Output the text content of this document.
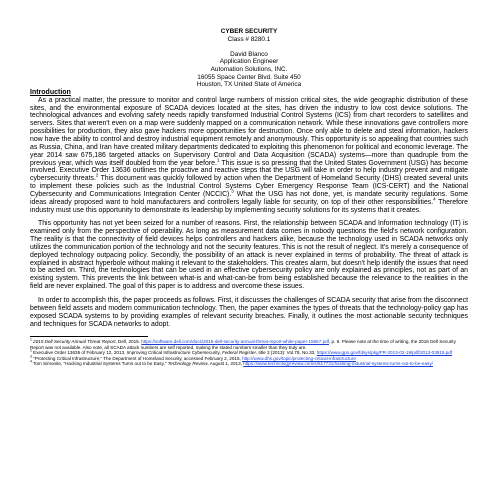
CYBER SECURITY
Class # 8280.1
David Blanco
Application Engineer
Automation Solutions, INC.
16055 Space Center Blvd. Suite 450
Houston, TX United State of America
Introduction

As a practical matter, the pressure to monitor and control large numbers of mission critical sites, the wide geographic distribution of these sites, and the environmental exposure of SCADA devices located at the sites, has driven the industry to low cost device solutions. The technological advances and evolving safety needs rapidly transformed Industrial Control Systems (ICS) from chart recorders to satellites and servers. Sites that weren't even on a map were suddenly mapped on a communication network. While these innovations gave controllers more possibilities for production, they also gave hackers more opportunities for destruction. Once only able to delete and steal information, hackers now have the ability to control and destroy industrial equipment remotely and anonymously. This opportunity is so appealing that countries such as Russia, China, and Iran have created military departments dedicated to exploiting this phenomenon for political and economic leverage. The year 2014 saw 675,186 targeted attacks on Supervisory Control and Data Acquisition (SCADA) systems—more than quadruple from the previous year, which was itself doubled from the year before.$^1$ This issue is so pressing that the United States Government (USG) has become involved. Executive Order 13636 outlines the proactive and reactive steps that the USG will take in order to help industry prevent and mitigate cybersecurity threats.$^2$ This document was quickly followed by action when the Department of Homeland Security (DHS) created several units to implement these policies such as the Industrial Control Systems Cyber Emergency Response Team (ICS-CERT) and the National Cybersecurity and Communications Integration Center (NCCIC).$^3$ What the USG has not done, yet, is mandate security regulations. Some ideas already proposed want to hold manufacturers and controllers legally liable for security, on top of their other responsibilities.$^4$ Therefore industry must use this opportunity to demonstrate its leadership by implementing security solutions for its systems that it creates.

This opportunity has not yet been seized for a number of reasons. First, the relationship between SCADA and Information technology (IT) is examined only from the perspective of operability. As long as measurement data comes in nobody questions the field's network configuration. The reality is that the connectivity of field devices helps controllers and hackers alike, because the technology used in SCADA networks only utilizes the communication portion of the technology and not the security features. This is not the result of neglect. It's merely a consequence of deployed technology outpacing policy. Secondly, the possibility of an attack is never explained in terms of probability. The threat of attack is explained in abstract hyperbole without making it relevant to the stakeholders. This creates alarm, but doesn't help identify the issues that need to be acted on. Third, the technologies that can be used in an effective cybersecurity policy are only explained as principles, not as part of an existing system. This prevents the link between what-is and what-can-be from being established because the relevance to the realities in the field are never explained. The goal of this paper is to address and overcome these issues.

In order to accomplish this, the paper proceeds as follows. First, it discusses the challenges of SCADA security that arise from the disconnect between field assets and modern communication technology. Then, the paper examines the types of threats that the technology-policy gap has exposed SCADA systems to by providing examples of relevant security breaches. Finally, it outlines the most actionable security techniques and techniques for SCADA networks to adopt.

$^1$ 2015 Dell Security Annual Threat Report, Dell, 2015. https://software.dell.com/docs/2015-dell-security-annual-threat-report-white-paper-15657.pdf, p. 8. Please note at the time of writing, the 2016 Dell Security Report was not available. Also note, all SCADA attack numbers are self reported, making the stated numbers smaller than they truly are.
$^2$ Executive Order 13636 of February 12, 2013, Improving Critical Infrastructure Cybersecurity, Federal Register, title 3 (2013): Vol.78, No.33, https://www.gpo.gov/fdsys/pkg/FR-2013-02-19/pdf/2013-03915.pdf
$^3$ "Protecting Critical Infrastructure," The Department of Homeland Security, accessed February 2, 2015, http://www.dhs.gov/topic/protecting-critical-infrastructure
$^4$ Tom Simonite, "Hacking Industrial Systems Turns out to be Easy," Technology Review, August 1, 2013, https://www.technologyreview.com/s/517731/hacking-industrial-systems-turns-out-to-be-easy/
